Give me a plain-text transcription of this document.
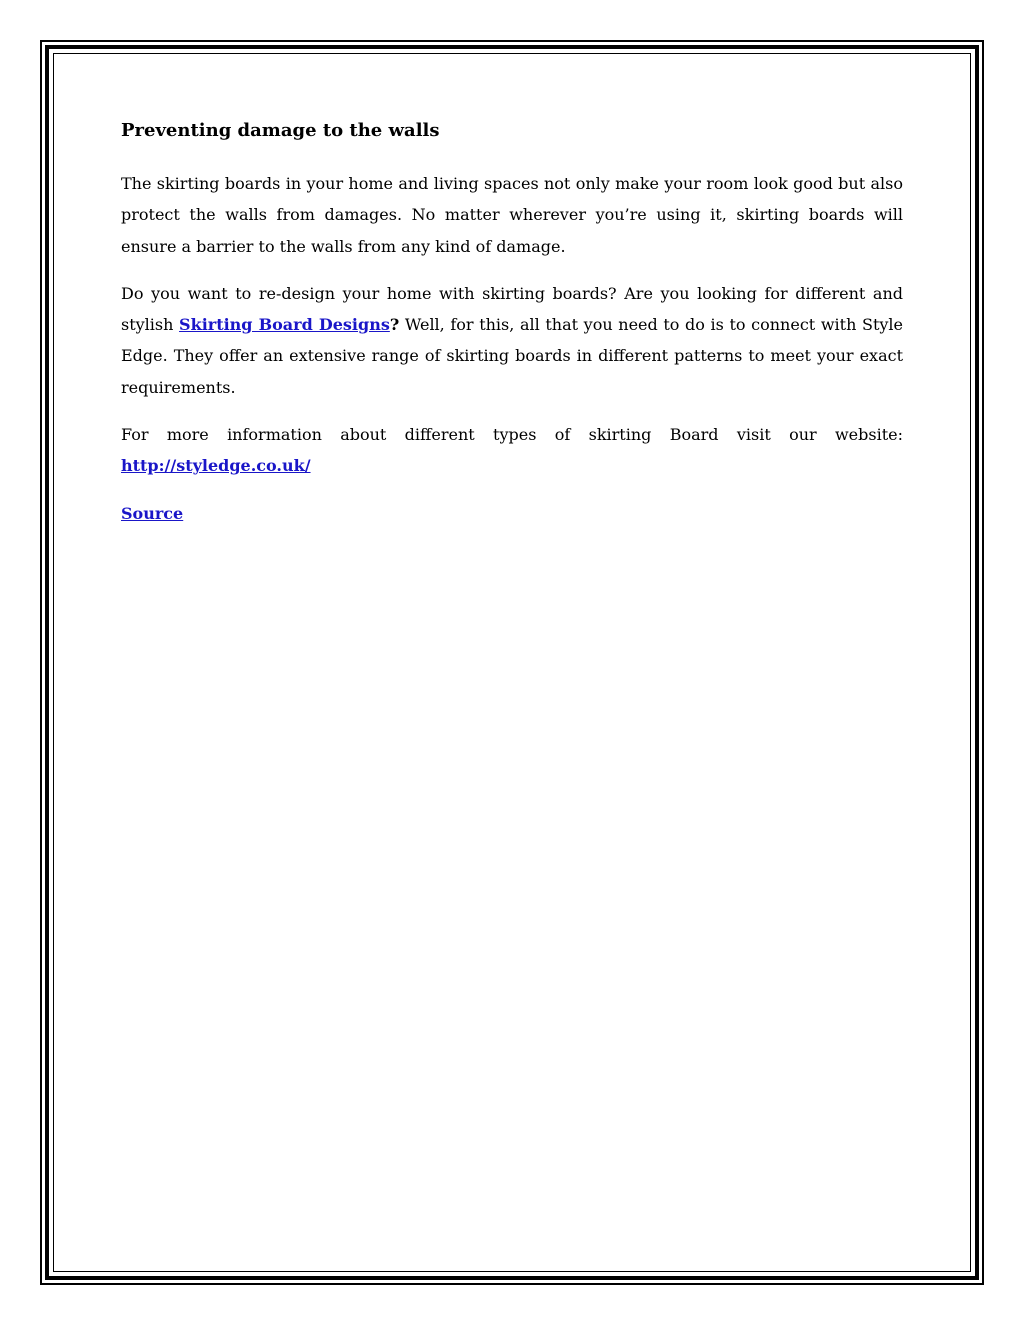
Preventing damage to the walls

The skirting boards in your home and living spaces not only make your room look good but also protect the walls from damages. No matter wherever you’re using it, skirting boards will ensure a barrier to the walls from any kind of damage.

Do you want to re-design your home with skirting boards? Are you looking for different and stylish Skirting Board Designs? Well, for this, all that you need to do is to connect with Style Edge. They offer an extensive range of skirting boards in different patterns to meet your exact requirements.

For more information about different types of skirting Board visit our website:

http://styledge.co.uk/

Source
